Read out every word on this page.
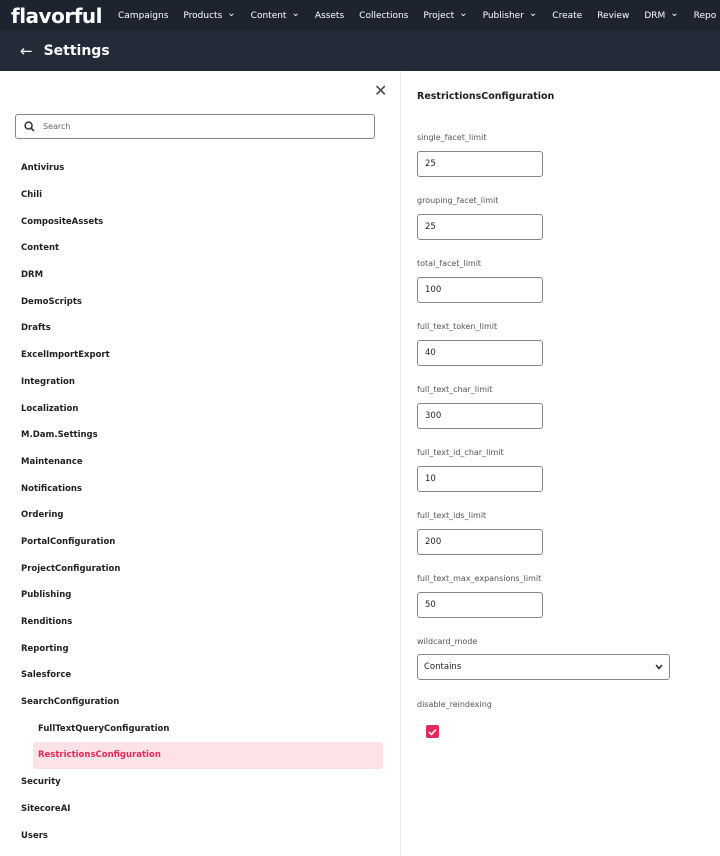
flavorful Campaigns Products ⌄ Content ⌄ Assets Collections Project ⌄ Publisher ⌄ Create Review DRM ⌄ Repo
← Settings
✕
Search
Antivirus
Chili
CompositeAssets
Content
DRM
DemoScripts
Drafts
ExcelImportExport
Integration
Localization
M.Dam.Settings
Maintenance
Notifications
Ordering
PortalConfiguration
ProjectConfiguration
Publishing
Renditions
Reporting
Salesforce
SearchConfiguration
FullTextQueryConfiguration
RestrictionsConfiguration
Security
SitecoreAI
Users
RestrictionsConfiguration
single_facet_limit
25
grouping_facet_limit
25
total_facet_limit
100
full_text_token_limit
40
full_text_char_limit
300
full_text_id_char_limit
10
full_text_ids_limit
200
full_text_max_expansions_limit
50
wildcard_mode
Contains
disable_reindexing
